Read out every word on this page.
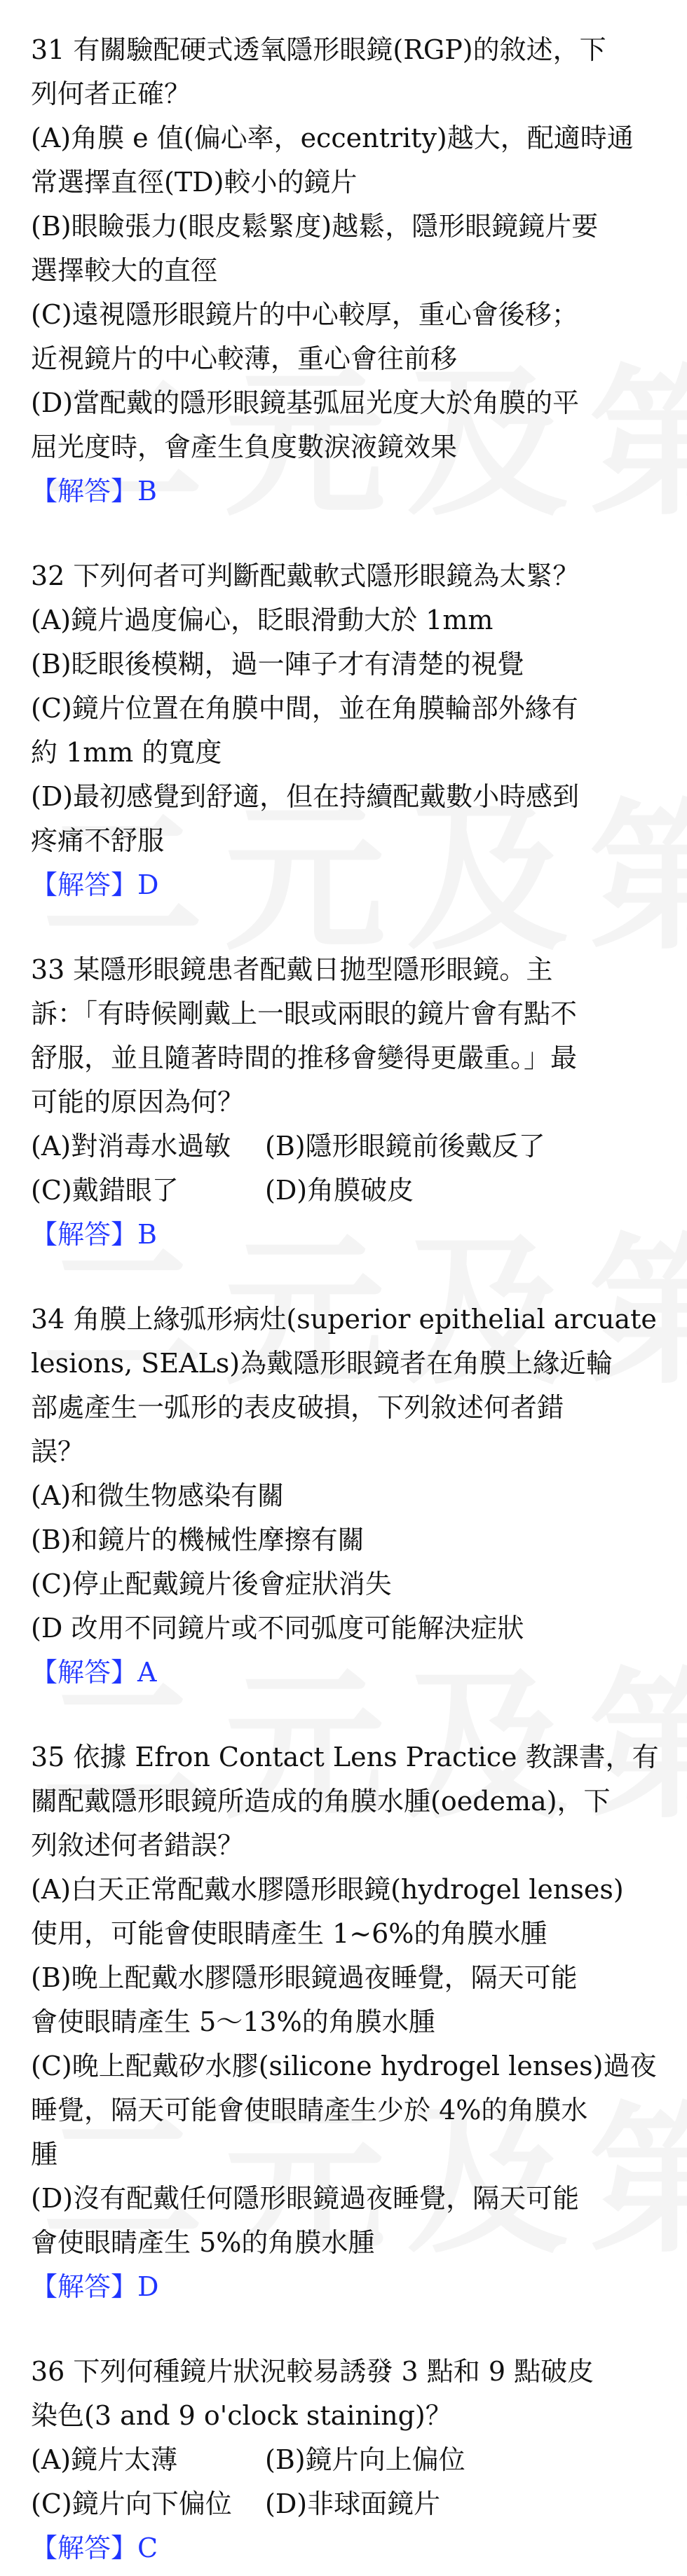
31 有關驗配硬式透氧隱形眼鏡(RGP)的敘述，下
列何者正確？
(A)角膜 e 值(偏心率，eccentrity)越大，配適時通
常選擇直徑(TD)較小的鏡片
(B)眼瞼張力(眼皮鬆緊度)越鬆，隱形眼鏡鏡片要
選擇較大的直徑
(C)遠視隱形眼鏡片的中心較厚，重心會後移；
近視鏡片的中心較薄，重心會往前移
(D)當配戴的隱形眼鏡基弧屈光度大於角膜的平
屈光度時，會產生負度數淚液鏡效果
【解答】B
32 下列何者可判斷配戴軟式隱形眼鏡為太緊？
(A)鏡片過度偏心，眨眼滑動大於 1mm
(B)眨眼後模糊，過一陣子才有清楚的視覺
(C)鏡片位置在角膜中間，並在角膜輪部外緣有
約 1mm 的寬度
(D)最初感覺到舒適，但在持續配戴數小時感到
疼痛不舒服
【解答】D
33 某隱形眼鏡患者配戴日拋型隱形眼鏡。主
訴：「有時候剛戴上一眼或兩眼的鏡片會有點不
舒服，並且隨著時間的推移會變得更嚴重。」最
可能的原因為何？
(A)對消毒水過敏	(B)隱形眼鏡前後戴反了
(C)戴錯眼了	(D)角膜破皮
【解答】B
34 角膜上緣弧形病灶(superior epithelial arcuate
lesions, SEALs)為戴隱形眼鏡者在角膜上緣近輪
部處產生一弧形的表皮破損，下列敘述何者錯
誤？
(A)和微生物感染有關
(B)和鏡片的機械性摩擦有關
(C)停止配戴鏡片後會症狀消失
(D 改用不同鏡片或不同弧度可能解決症狀
【解答】A
35 依據 Efron Contact Lens Practice 教課書，有
關配戴隱形眼鏡所造成的角膜水腫(oedema)，下
列敘述何者錯誤？
(A)白天正常配戴水膠隱形眼鏡(hydrogel lenses)
使用，可能會使眼睛產生 1~6%的角膜水腫
(B)晚上配戴水膠隱形眼鏡過夜睡覺，隔天可能
會使眼睛產生 5～13%的角膜水腫
(C)晚上配戴矽水膠(silicone hydrogel lenses)過夜
睡覺，隔天可能會使眼睛產生少於 4%的角膜水
腫
(D)沒有配戴任何隱形眼鏡過夜睡覺，隔天可能
會使眼睛產生 5%的角膜水腫
【解答】D
36 下列何種鏡片狀況較易誘發 3 點和 9 點破皮
染色(3 and 9 o'clock staining)？
(A)鏡片太薄	(B)鏡片向上偏位
(C)鏡片向下偏位	(D)非球面鏡片
【解答】C
